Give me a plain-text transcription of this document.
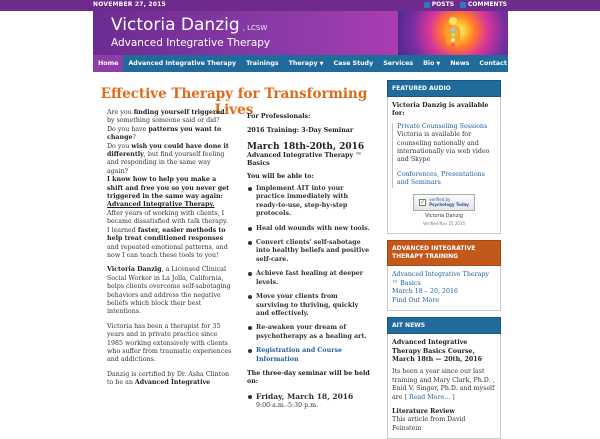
NOVEMBER 27, 2015	POSTS COMMENTS
Victoria Danzig , LCSW
Advanced Integrative Therapy
Home Advanced Integrative Therapy Trainings Therapy ▼ Case Study Services Bio ▼ News Contact
Effective Therapy for Transforming Lives

Are you finding yourself triggered by something someone said or did?
Do you have patterns you want to change?
Do you wish you could have done it differently, but find yourself feeling and responding in the same way again?
I know how to help you make a shift and free you so you never get triggered in the same way again: Advanced Integrative Therapy.
After years of working with clients, I became dissatisfied with talk therapy. I learned faster, easier methods to help treat conditioned responses and repeated emotional patterns, and now I can teach these tools to you!

Victoria Danzig, a Licensed Clinical Social Worker in La Jolla, California, helps clients overcome self-sabotaging behaviors and address the negative beliefs which block their best intentions.

Victoria has been a therapist for 35 years and in private practice since 1985 working extensively with clients who suffer from traumatic experiences and addictions.

Danzig is certified by Dr. Asha Clinton to be an Advanced Integrative

For Professionals:
2016 Training: 3-Day Seminar
March 18th-20th, 2016
Advanced Integrative Therapy ™ Basics
You will be able to:
Implement AIT into your practice immediately with ready-to-use, step-by-step protocols.
Heal old wounds with new tools.
Convert clients’ self-sabotage into healthy beliefs and positive self-care.
Achieve fast healing at deeper levels.
Move your clients from surviving to thriving, quickly and effectively.
Re-awaken your dream of psychotherapy as a healing art.
Registration and Course Information
The three-day seminar will be held on:
Friday, March 18, 2016
9:00 a.m.-5:30 p.m.
FEATURED AUDIO
Victoria Danzig is available for:
Private Counseling Sessions
Victoria is available for counseling nationally and internationally via web video and Skype
Conferences, Presentations and Seminars
✓ verified by
Psychology Today
Victoria Danzig
Verified Nov 25 2015
ADVANCED INTEGRATIVE THERAPY TRAINING
Advanced Integrative Therapy ™ Basics
March 18 – 20, 2016
Find Out More
AIT NEWS
Advanced Integrative Therapy Basics Course, March 18th — 20th, 2016
Its been a year since our last training and Mary Clark, Ph.D. , Enid V. Singer, Ph.D. and myself are [ Read More... ]
Literature Review
This article from David Feinstein
